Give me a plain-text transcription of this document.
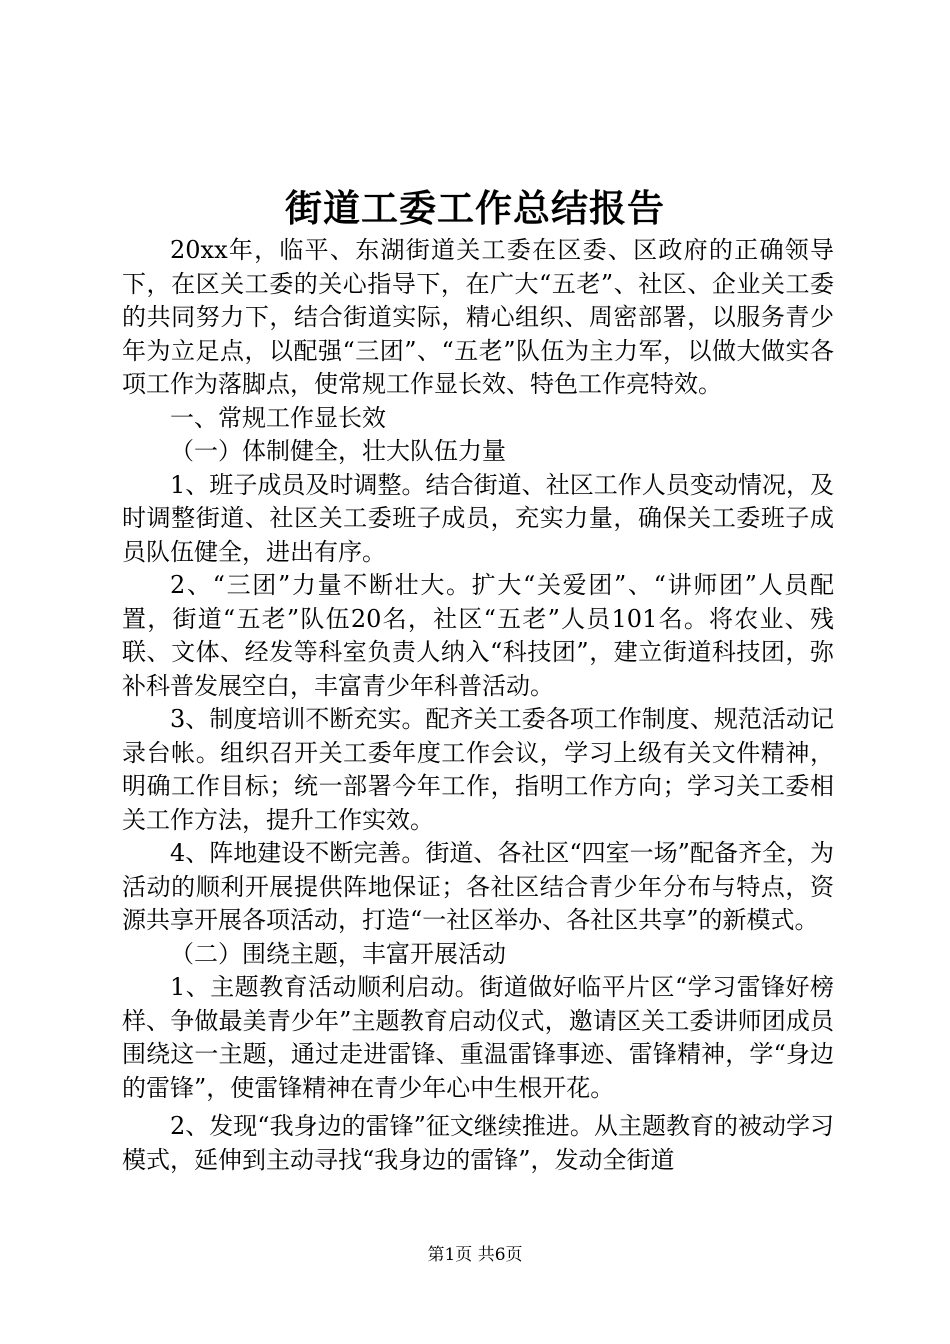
街道工委工作总结报告

20xx年，临平、东湖街道关工委在区委、区政府的正确领导下，在区关工委的关心指导下，在广大“五老”、社区、企业关工委的共同努力下，结合街道实际，精心组织、周密部署，以服务青少年为立足点，以配强“三团”、“五老”队伍为主力军，以做大做实各项工作为落脚点，使常规工作显长效、特色工作亮特效。

一、常规工作显长效

（一）体制健全，壮大队伍力量

1、班子成员及时调整。结合街道、社区工作人员变动情况，及时调整街道、社区关工委班子成员，充实力量，确保关工委班子成员队伍健全，进出有序。

2、“三团”力量不断壮大。扩大“关爱团”、“讲师团”人员配置，街道“五老”队伍20名，社区“五老”人员101名。将农业、残联、文体、经发等科室负责人纳入“科技团”，建立街道科技团，弥补科普发展空白，丰富青少年科普活动。

3、制度培训不断充实。配齐关工委各项工作制度、规范活动记录台帐。组织召开关工委年度工作会议，学习上级有关文件精神，明确工作目标；统一部署今年工作，指明工作方向；学习关工委相关工作方法，提升工作实效。

4、阵地建设不断完善。街道、各社区“四室一场”配备齐全，为活动的顺利开展提供阵地保证；各社区结合青少年分布与特点，资源共享开展各项活动，打造“一社区举办、各社区共享”的新模式。

（二）围绕主题，丰富开展活动

1、主题教育活动顺利启动。街道做好临平片区“学习雷锋好榜样、争做最美青少年”主题教育启动仪式，邀请区关工委讲师团成员围绕这一主题，通过走进雷锋、重温雷锋事迹、雷锋精神，学“身边的雷锋”，使雷锋精神在青少年心中生根开花。

2、发现“我身边的雷锋”征文继续推进。从主题教育的被动学习模式，延伸到主动寻找“我身边的雷锋”，发动全街道

第1页 共6页
